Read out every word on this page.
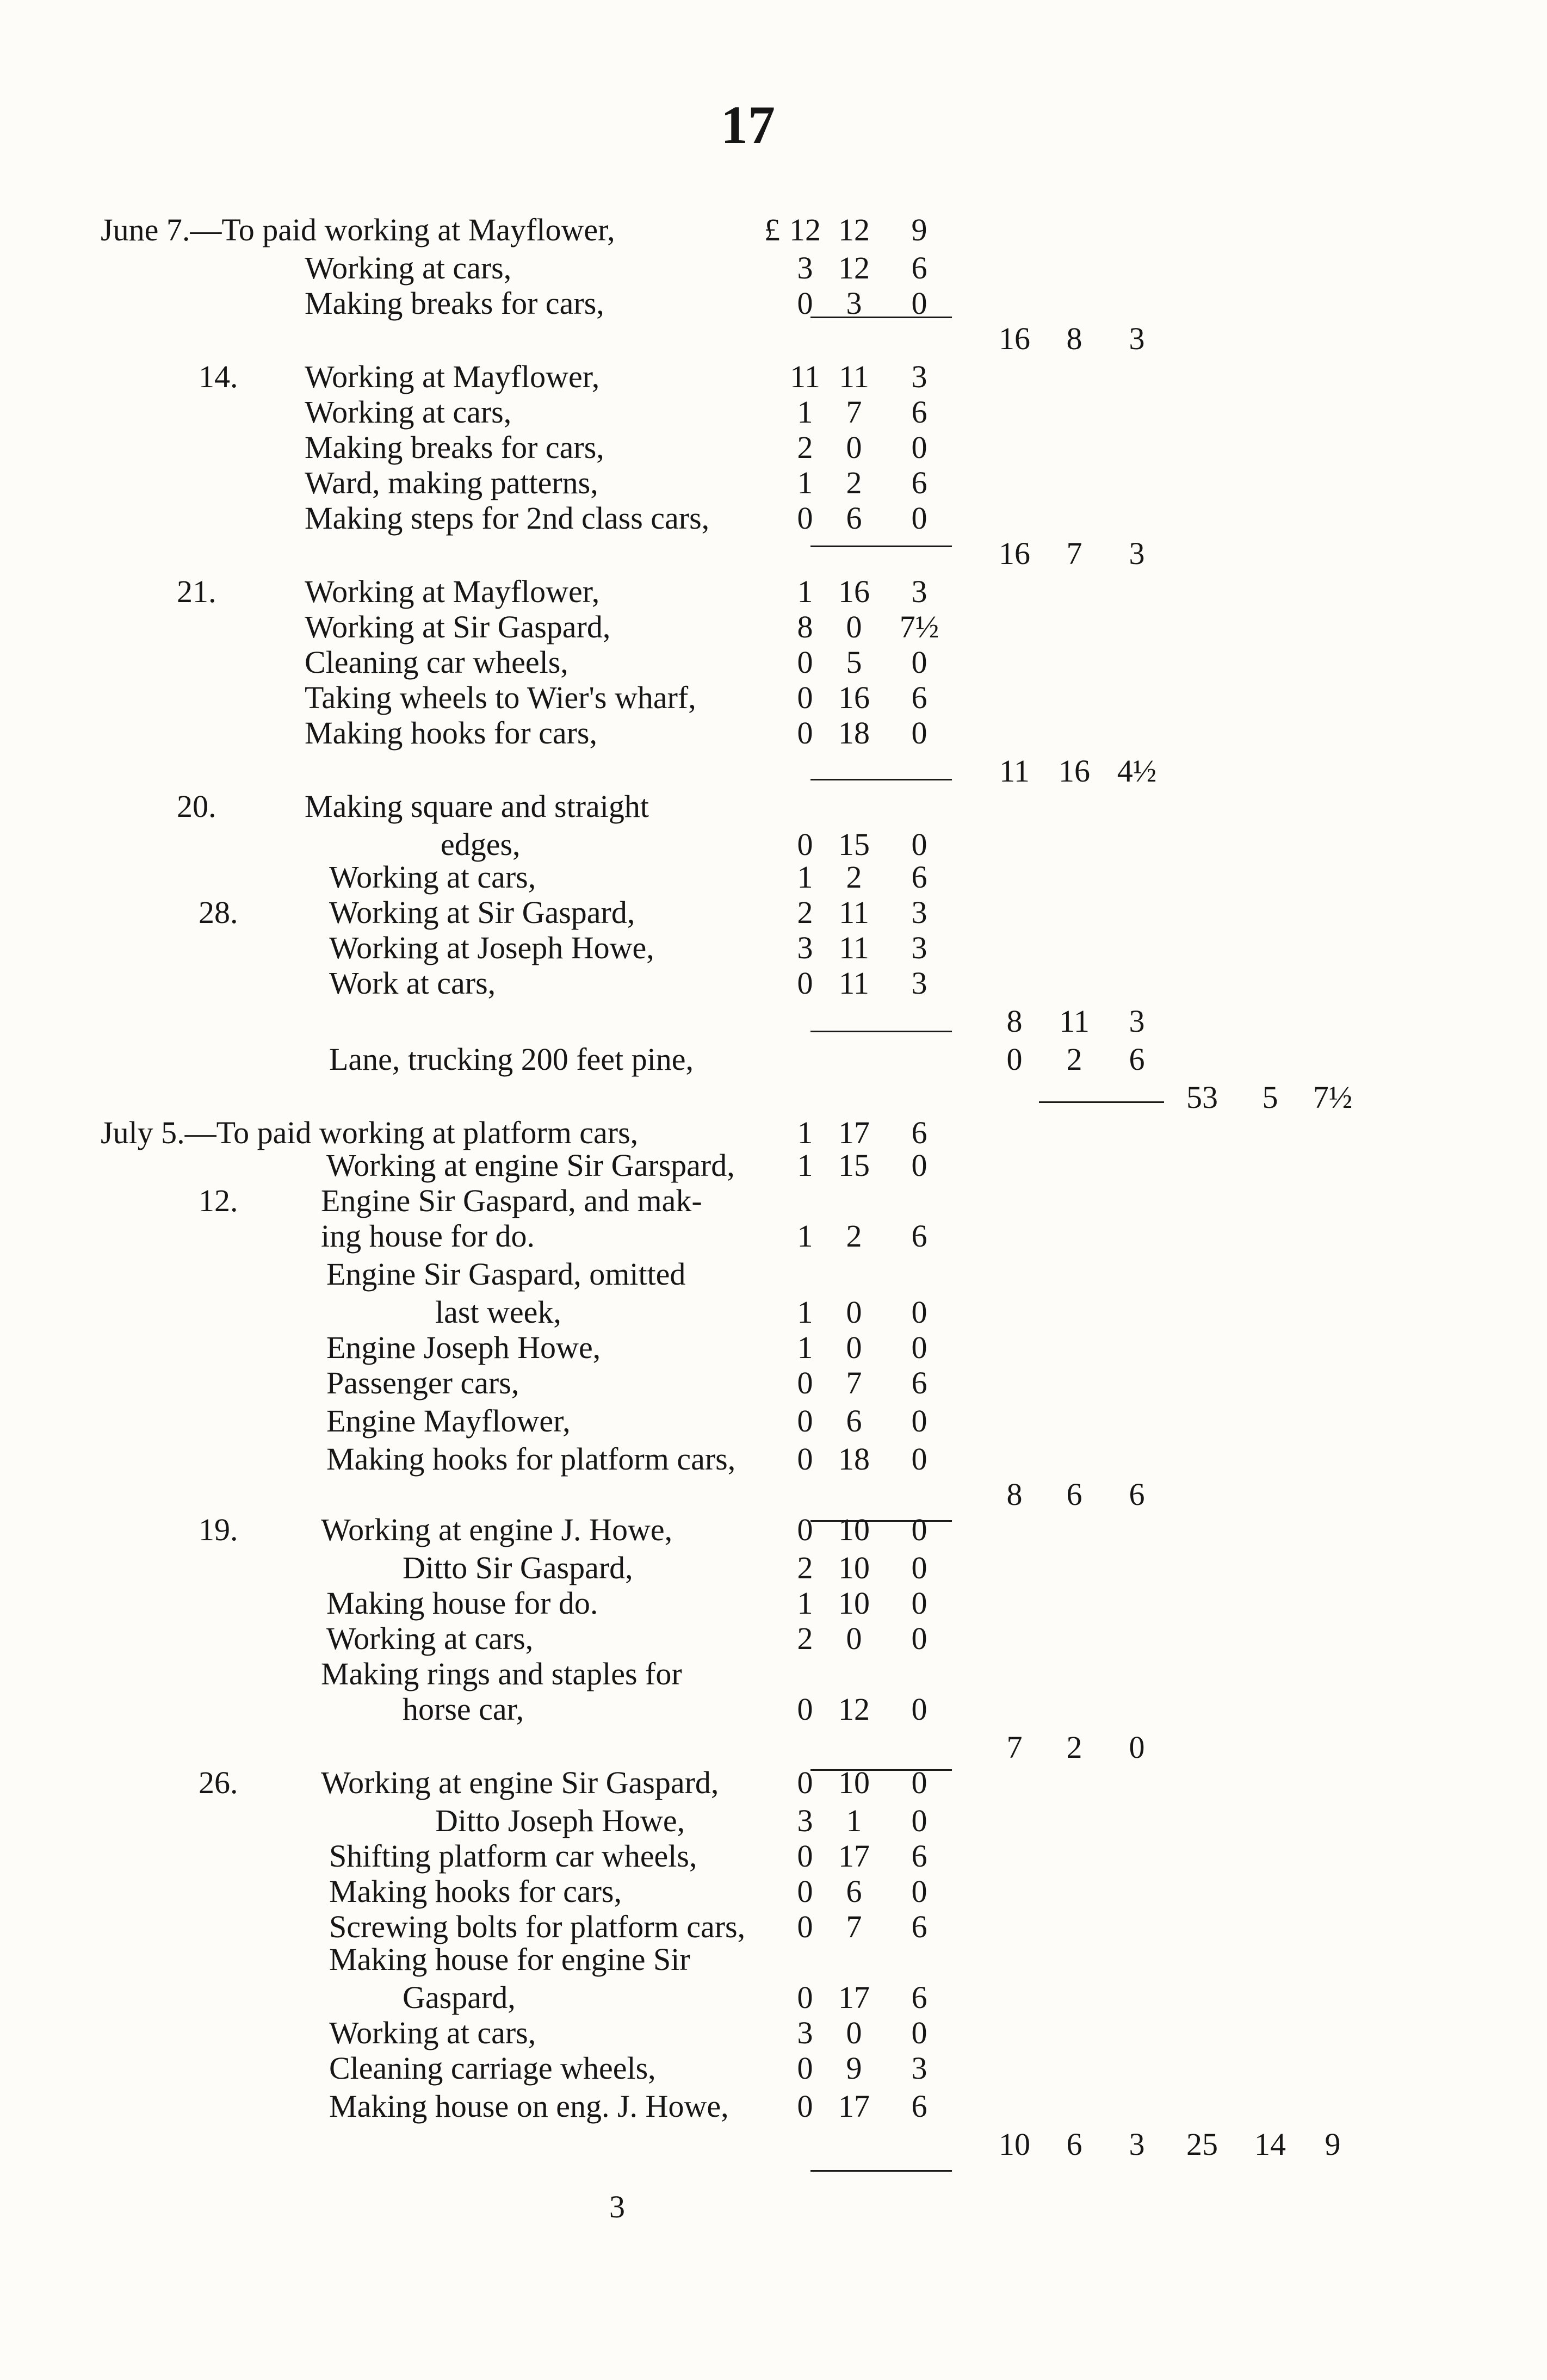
17
June 7.—To paid working at Mayflower,	£ 12 12	9
Working at cars,	3 12	6
Making breaks for cars,	0	3	0
16	8	3
14. Working at Mayflower,	11 11	3
Working at cars,	1	7	6
Making breaks for cars,	2	0	0
Ward, making patterns,	1	2	6
Making steps for 2nd class cars,	0	6	0
16	7	3
21.	Working at Mayflower,	1 16	3
Working at Sir Gaspard,	8	0	7½
Cleaning car wheels,	0	5	0
Taking wheels to Wier's wharf,	0 16	6
Making hooks for cars,	0 18	0
11 16 4½
20.	Making square and straight
edges,	0 15	0
Working at cars,	1	2	6
28.	Working at Sir Gaspard,	2 11	3
Working at Joseph Howe,	3 11	3
Work at cars,	0 11	3
8	11	3
Lane, trucking 200 feet pine,	0	2	6
53	5	7½
July 5.—To paid working at platform cars,	1 17	6
Working at engine Sir Garspard,	1 15	0
12.	Engine Sir Gaspard, and mak-
ing house for do.	1	2	6
Engine Sir Gaspard, omitted
last week,	1	0	0
Engine Joseph Howe,	1	0	0
Passenger cars,	0	7	6
Engine Mayflower,	0	6	0
Making hooks for platform cars,	0 18	0
8	6	6
19.	Working at engine J. Howe,	0 10	0
Ditto Sir Gaspard,	2 10	0
Making house for do.	1 10	0
Working at cars,	2	0	0
Making rings and staples for
horse car,	0 12	0
7	2	0
26.	Working at engine Sir Gaspard,	0 10	0
Ditto Joseph Howe,	3	1	0
Shifting platform car wheels,	0 17	6
Making hooks for cars,	0	6	0
Screwing bolts for platform cars,	0	7	6
Making house for engine Sir
Gaspard,	0 17	6
Working at cars,	3	0	0
Cleaning carriage wheels,	0	9	3
Making house on eng. J. Howe,	0 17	6
10	6	3	25	14	9
3
